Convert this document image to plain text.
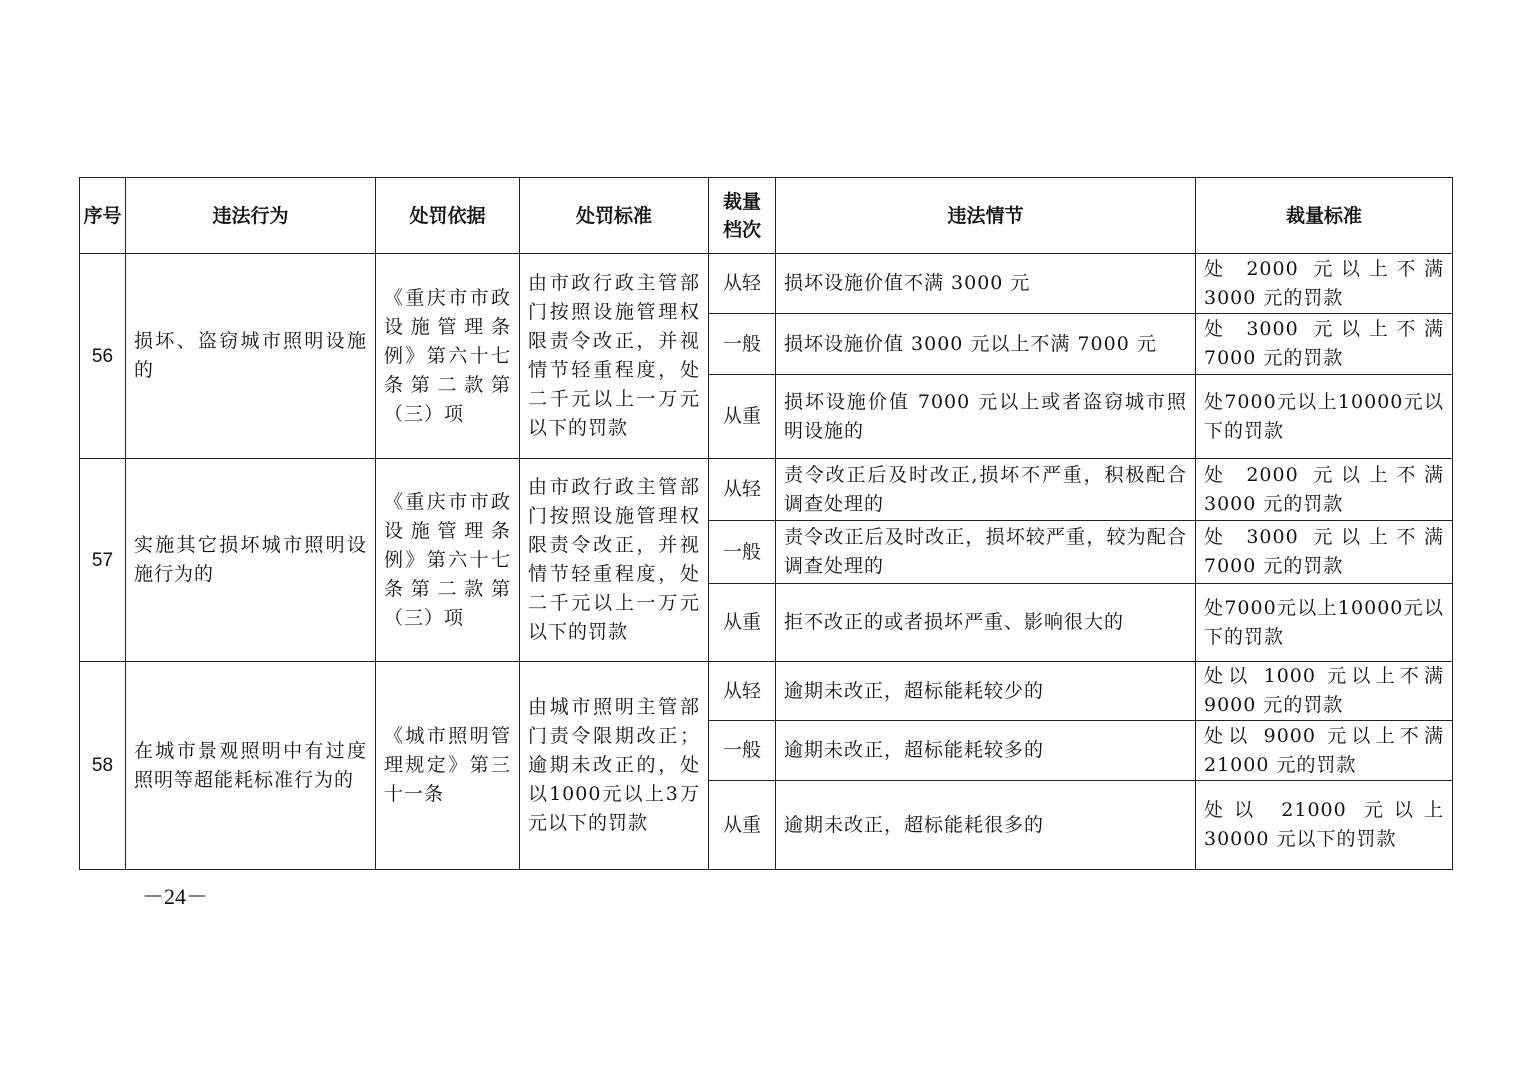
序号	违法行为	处罚依据	处罚标准	裁量档次	违法情节	裁量标准
56	损坏、盗窃城市照明设施的	《重庆市市政设施管理条例》第六十七条第二款第（三）项	由市政行政主管部门按照设施管理权限责令改正，并视情节轻重程度，处二千元以上一万元以下的罚款	从轻	损坏设施价值不满 3000 元	处 2000 元以上不满 3000 元的罚款
				一般	损坏设施价值 3000 元以上不满 7000 元	处 3000 元以上不满 7000 元的罚款
				从重	损坏设施价值 7000 元以上或者盗窃城市照明设施的	处7000元以上10000元以下的罚款
57	实施其它损坏城市照明设施行为的	《重庆市市政设施管理条例》第六十七条第二款第（三）项	由市政行政主管部门按照设施管理权限责令改正，并视情节轻重程度，处二千元以上一万元以下的罚款	从轻	责令改正后及时改正,损坏不严重，积极配合调查处理的	处 2000 元以上不满 3000 元的罚款
				一般	责令改正后及时改正，损坏较严重，较为配合调查处理的	处 3000 元以上不满 7000 元的罚款
				从重	拒不改正的或者损坏严重、影响很大的	处7000元以上10000元以下的罚款
58	在城市景观照明中有过度照明等超能耗标准行为的	《城市照明管理规定》第三十一条	由城市照明主管部门责令限期改正；逾期未改正的，处以1000元以上3万元以下的罚款	从轻	逾期未改正，超标能耗较少的	处以 1000 元以上不满 9000 元的罚款
				一般	逾期未改正，超标能耗较多的	处以 9000 元以上不满 21000 元的罚款
				从重	逾期未改正，超标能耗很多的	处以 21000 元以上 30000 元以下的罚款
－24－
